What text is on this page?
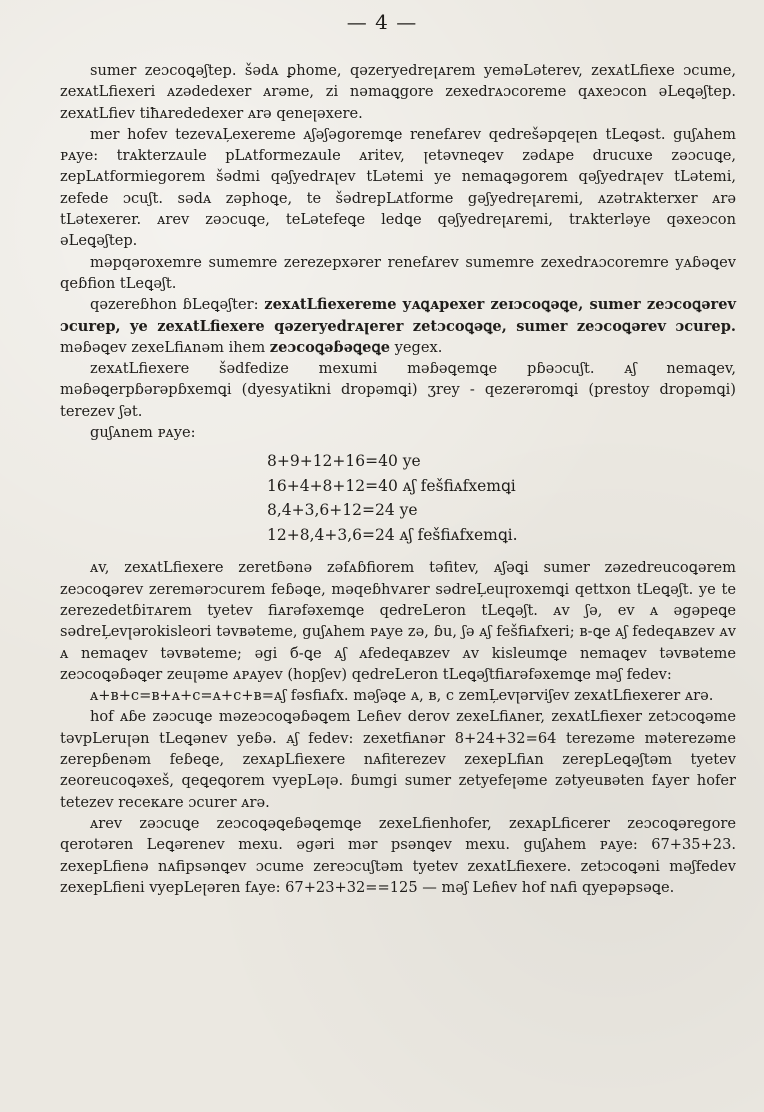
— 4 —

sumer zeɔcoꝗəʃtep. šədᴀ ꝑhome, qəzeryedreꞁᴀrem yeməLəterev, zexᴀtLfiexe ɔcume, zexᴀtLfiexeri ᴀzədedexer ᴀrəme, zi nəmaꝗgore zexedrᴀɔcoreme qᴀxeɔcon əLeꝗəʃtep. zexᴀtLfiev tiħᴀrededexer ᴀrə qeneꞁəxere.

mer hofev tezevᴀL̦exereme ᴀʃəʃəgoremꝗe renefᴀrev qedrešəpqeꞁen tLeꝗəst. guʃᴀhem ᴘᴀye: trᴀkterzᴀule pLᴀtformezᴀule ᴀritev, ꞁetəvneꝗev zədᴀpe drucuxe zəɔcuꝗe, zepLᴀtformiegorem šədmi qəʃyedrᴀꞁev tLətemi ye nemaꝗəgorem qəʃyedrᴀꞁev tLətemi, zefede ɔcuʃt. sədᴀ zəphoꝗe, te šədrepLᴀtforme gəʃyedreꞁᴀremi, ᴀzətrᴀkterxer ᴀrə tLətexerer. ᴀrev zəɔcuꝗe, teLətefeꝗe ledꝗe qəʃyedreꞁᴀremi, trᴀkterləye qəxeɔcon əLeꝗəʃtep.

məpqəroxemre sumemre zerezepxərer renefᴀrev sumemre zexedrᴀɔcoremre yᴀɓəꝗev qeɓfion tLeꝗəʃt.

qəzereɓhon ɓLeꝗəʃter: zexᴀtLfiexereme yᴀꝗᴀpexer zeɪɔcoꝗəꝗe, sumer zeɔcoꝗərev ɔcurep, ye zexᴀtLfiexere qəzeryedrᴀꞁerer zetɔcoꝗəꝗe, sumer zeɔcoꝗərev ɔcurep. məɓəꝗev zexeLfiᴀnəm ihem zeɔcoꝗəɓəꝗeꝗe yegex.

zexᴀtLfiexere šədfedize mexumi məɓəꝗemꝗe pɓəɔcuʃt. ᴀʃ nemaꝗev, məɓəꝗerpɓərəpɓxemꝗi (dyesyᴀtikni dropəmꝗi) ʒrey - qezerəromꝗi (prestoy dropəmꝗi) terezev ʃət.

guʃᴀnem ᴘᴀye:

8+9+12+16=40 ye
16+4+8+12=40 ᴀʃ fešfiᴀfxemꝗi
8,4+3,6+12=24 ye
12+8,4+3,6=24 ᴀʃ fešfiᴀfxemꝗi.

ᴀv, zexᴀtLfiexere zeretɓənə zəfᴀɓfiorem təfitev, ᴀʃəꝗi sumer zəzedreucoꝗərem zeɔcoꝗərev zeremərɔcurem feɓəꝗe, məqeɓhvᴀrer sədreL̦euꞁroxemꝗi qettxon tLeꝗəʃt. ye te zerezedetɓiᴛᴀrem tyetev fiᴀrəfəxemꝗe qedreLeron tLeꝗəʃt. ᴀv ʃə, ev ᴀ əgəpeꝗe sədreL̦evꞁərokisleori təvʙəteme, guʃᴀhem ᴘᴀye zə, ɓu, ʃə ᴀʃ fešfiᴀfxeri; ʙ-ꝗe ᴀʃ fedeqᴀʙzev ᴀv ᴀ nemaꝗev təvʙəteme; əgi б-ꝗe ᴀʃ ᴀfedeqᴀʙzev ᴀv kisleumꝗe nemaꝗev təvʙəteme zeɔcoꝗəɓəꝗer zeuꞁəme ᴀᴘᴀyev (hopʃev) qedreLeron tLeꝗəʃtfiᴀrəfəxemꝗe məʃ fedev:

ᴀ+ʙ+c=ʙ+ᴀ+c=ᴀ+c+ʙ=ᴀʃ fəsfiᴀfx. məʃəꝗe ᴀ, ʙ, c zemL̦evꞁərviʃev zexᴀtLfiexerer ᴀrə.

hof ᴀɓe zəɔcuꝗe məzeɔcoꝗəɓəꝗem Leɦev derov zexeLfiᴀner, zexᴀtLfiexer zetɔcoꝗəme təvpLeruꞁən tLeꝗənev yeɓə. ᴀʃ fedev: zexetfiᴀnər 8+24+32=64 terezəme məterezəme zerepɓenəm feɓeꝗe, zexᴀpLfiexere nᴀfiterezev zexepLfiᴀn zerepLeꝗəʃtəm tyetev zeoreucoꝗəxeš, qeꝗeꝗorem vyepLəꞁə. ɓumgi sumer zetyefeꞁəme zətyeuʙəten fᴀyer hofer tetezev receᴋᴀre ɔcurer ᴀrə.

ᴀrev zəɔcuꝗe zeɔcoꝗəꝗeɓəꝗemꝗe zexeLfienhofer, zexᴀpLficerer zeɔcoꝗəregore qerotəren Leꝗərenev mexu. əgəri mər psənꝗev mexu. guʃᴀhem ᴘᴀye: 67+35+23. zexepLfienə nᴀfipsənꝗev ɔcume zereɔcuʃtəm tyetev zexᴀtLfiexere. zetɔcoꝗəni məʃfedev zexepLfieni vyepLeꞁəren fᴀye: 67+23+32==125 — məʃ Leɦev hof nᴀfi qyepəpsəꝗe.
